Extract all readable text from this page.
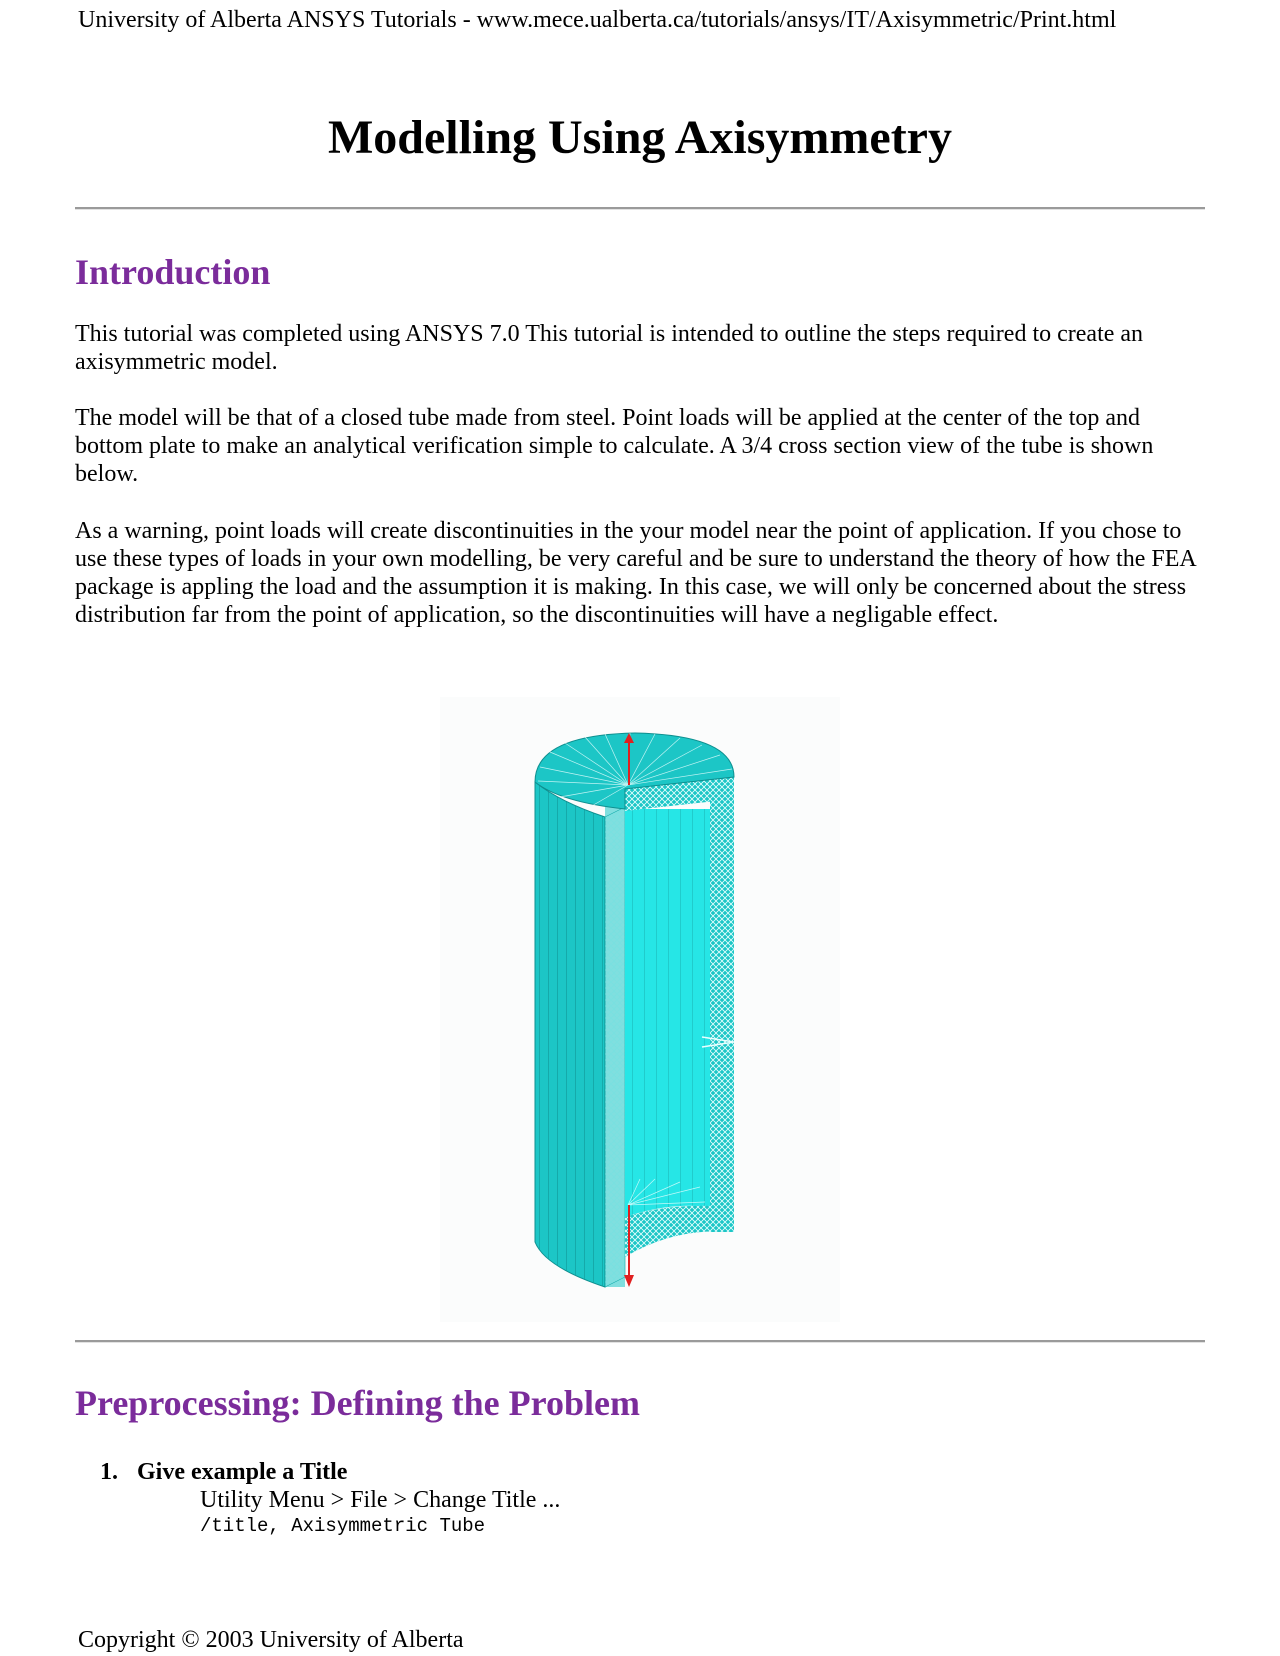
University of Alberta ANSYS Tutorials - www.mece.ualberta.ca/tutorials/ansys/IT/Axisymmetric/Print.html
Modelling Using Axisymmetry
Introduction

This tutorial was completed using ANSYS 7.0 This tutorial is intended to outline the steps required to create an axisymmetric model.

The model will be that of a closed tube made from steel. Point loads will be applied at the center of the top and bottom plate to make an analytical verification simple to calculate. A 3/4 cross section view of the tube is shown below.

As a warning, point loads will create discontinuities in the your model near the point of application. If you chose to use these types of loads in your own modelling, be very careful and be sure to understand the theory of how the FEA package is appling the load and the assumption it is making. In this case, we will only be concerned about the stress distribution far from the point of application, so the discontinuities will have a negligable effect.

Preprocessing: Defining the Problem
1. Give example a Title
Utility Menu > File > Change Title ...
/title, Axisymmetric Tube
Copyright © 2003 University of Alberta
